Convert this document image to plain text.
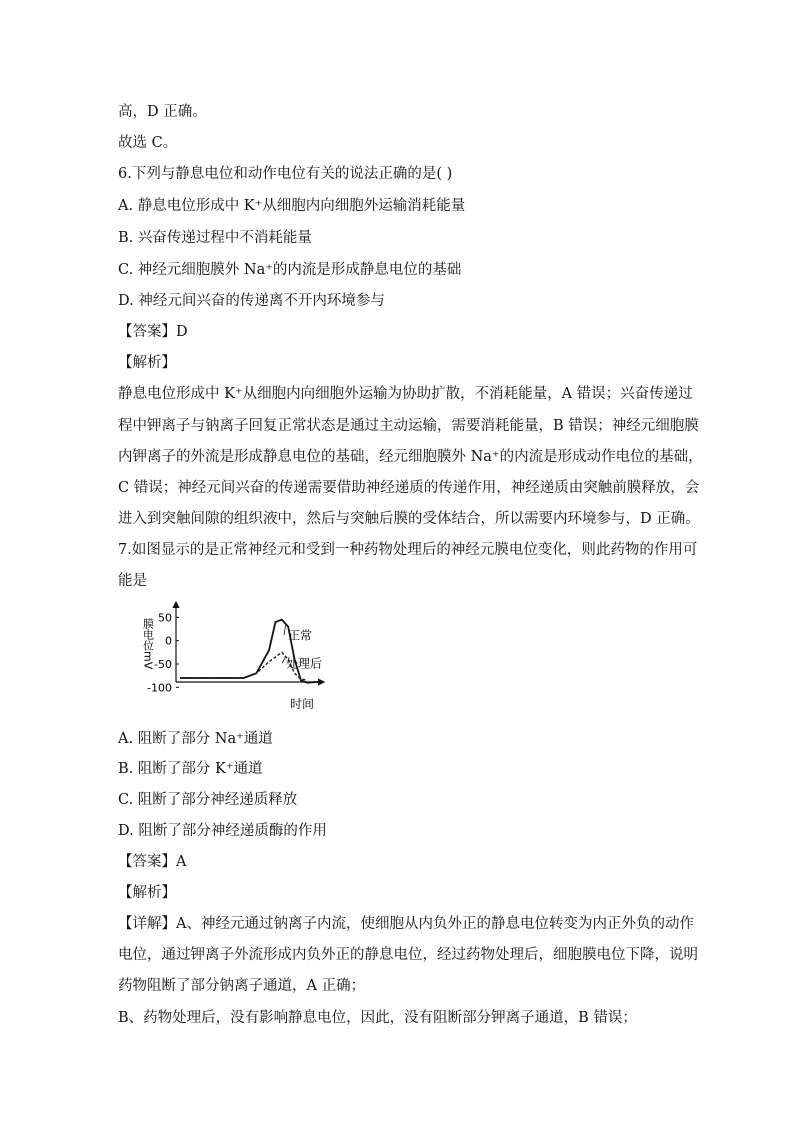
高，D 正确。
故选 C。
6.下列与静息电位和动作电位有关的说法正确的是( )
A. 静息电位形成中 K⁺从细胞内向细胞外运输消耗能量
B. 兴奋传递过程中不消耗能量
C. 神经元细胞膜外 Na⁺的内流是形成静息电位的基础
D. 神经元间兴奋的传递离不开内环境参与
【答案】D
【解析】
静息电位形成中 K⁺从细胞内向细胞外运输为协助扩散，不消耗能量，A 错误；兴奋传递过
程中钾离子与钠离子回复正常状态是通过主动运输，需要消耗能量，B 错误；神经元细胞膜
内钾离子的外流是形成静息电位的基础，经元细胞膜外 Na⁺的内流是形成动作电位的基础，
C 错误；神经元间兴奋的传递需要借助神经递质的传递作用，神经递质由突触前膜释放，会
进入到突触间隙的组织液中，然后与突触后膜的受体结合，所以需要内环境参与，D 正确。
7.如图显示的是正常神经元和受到一种药物处理后的神经元膜电位变化，则此药物的作用可
能是
膜电位mV
时间
50
0
-50
-100
正常
处理后
A. 阻断了部分 Na⁺通道
B. 阻断了部分 K⁺通道
C. 阻断了部分神经递质释放
D. 阻断了部分神经递质酶的作用
【答案】A
【解析】
【详解】A、神经元通过钠离子内流，使细胞从内负外正的静息电位转变为内正外负的动作
电位，通过钾离子外流形成内负外正的静息电位，经过药物处理后，细胞膜电位下降，说明
药物阻断了部分钠离子通道，A 正确；
B、药物处理后，没有影响静息电位，因此，没有阻断部分钾离子通道，B 错误；
